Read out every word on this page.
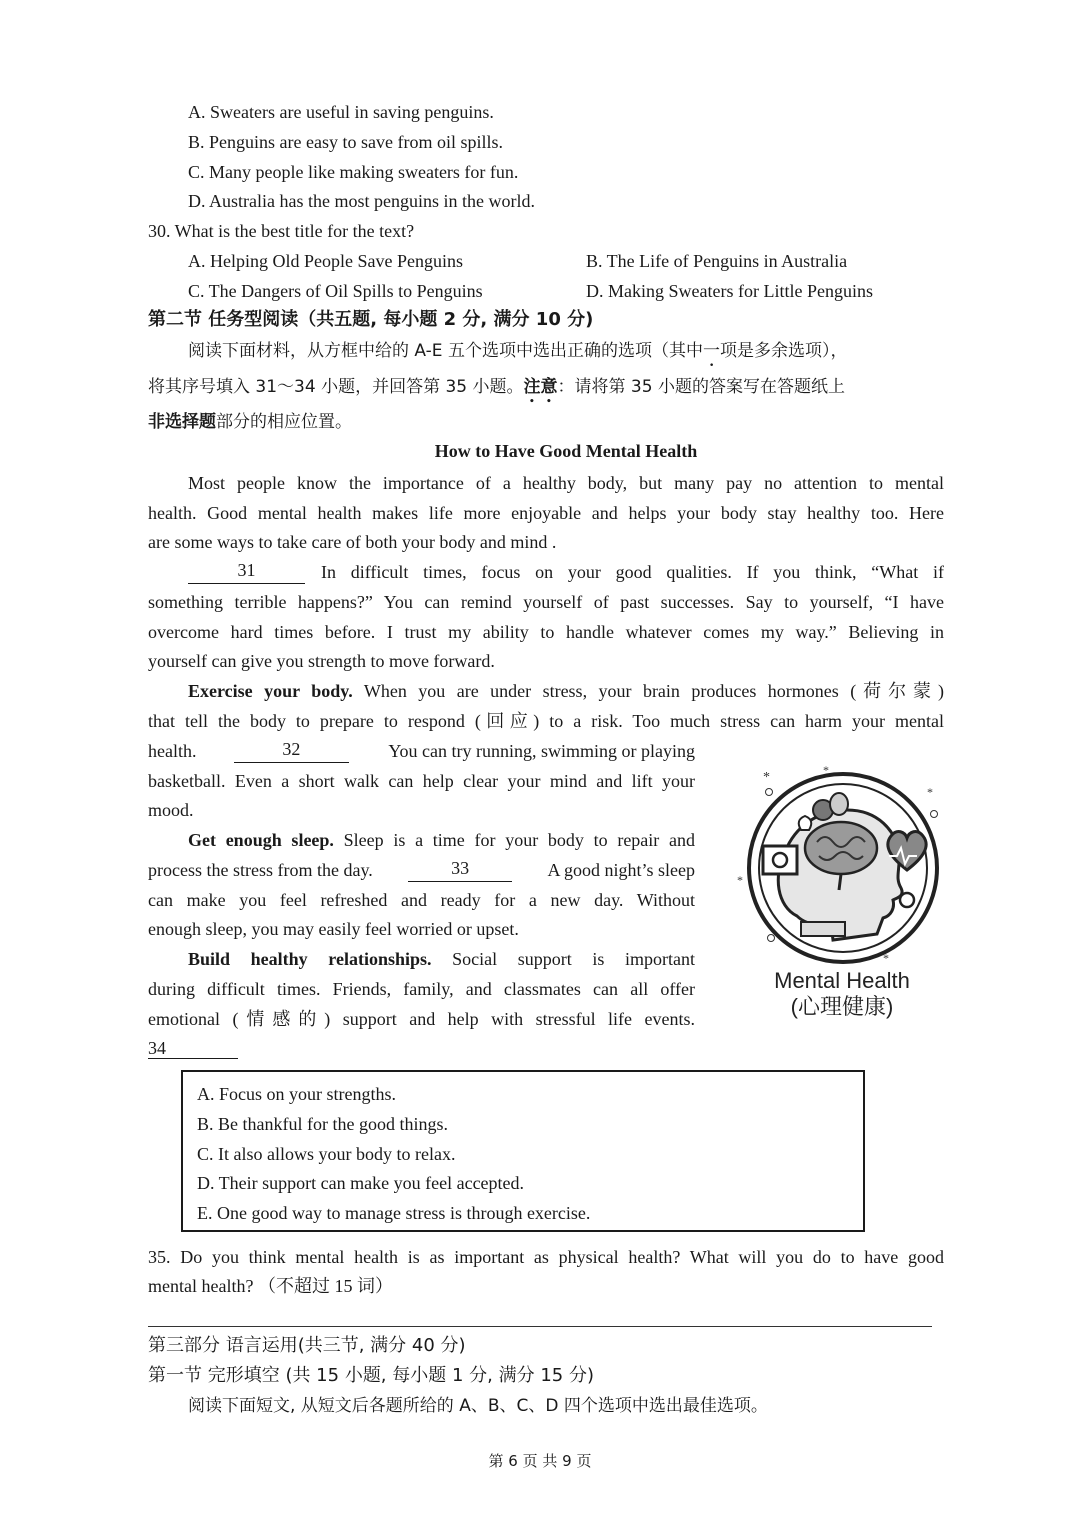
A. Sweaters are useful in saving penguins.
B. Penguins are easy to save from oil spills.
C. Many people like making sweaters for fun.
D. Australia has the most penguins in the world.
30. What is the best title for the text?
A. Helping Old People Save Penguins	B. The Life of Penguins in Australia
C. The Dangers of Oil Spills to Penguins	D. Making Sweaters for Little Penguins
第二节 任务型阅读（共五题, 每小题 2 分, 满分 10 分)
阅读下面材料，从方框中给的 A-E 五个选项中选出正确的选项（其中一项是多余选项），
将其序号填入 31～34 小题，并回答第 35 小题。注意：请将第 35 小题的答案写在答题纸上
非选择题部分的相应位置。
How to Have Good Mental Health
Most people know the importance of a healthy body, but many pay no attention to mental
health. Good mental health makes life more enjoyable and helps your body stay healthy too. Here
are some ways to take care of both your body and mind .
31	In difficult times, focus on your good qualities. If you think, “What if
something terrible happens?” You can remind yourself of past successes. Say to yourself, “I have
overcome hard times before. I trust my ability to handle whatever comes my way.” Believing in
yourself can give you strength to move forward.
Exercise your body. When you are under stress, your brain produces hormones (荷尔蒙)
that tell the body to prepare to respond (回应) to a risk. Too much stress can harm your mental
health.	32	You can try running, swimming or playing
basketball. Even a short walk can help clear your mind and lift your
mood.
Get enough sleep. Sleep is a time for your body to repair and
process the stress from the day.	33	A good night’s sleep
can make you feel refreshed and ready for a new day. Without
enough sleep, you may easily feel worried or upset.
Build healthy relationships. Social support is important
during difficult times. Friends, family, and classmates can all offer
emotional (情感的) support and help with stressful life events.
34
*	*
*
*
*
Mental Health
(心理健康)
A. Focus on your strengths.
B. Be thankful for the good things.
C. It also allows your body to relax.
D. Their support can make you feel accepted.
E. One good way to manage stress is through exercise.
35. Do you think mental health is as important as physical health? What will you do to have good
mental health? （不超过 15 词）
第三部分 语言运用(共三节, 满分 40 分)
第一节 完形填空 (共 15 小题, 每小题 1 分, 满分 15 分)
阅读下面短文, 从短文后各题所给的 A、B、C、D 四个选项中选出最佳选项。
第 6 页 共 9 页
